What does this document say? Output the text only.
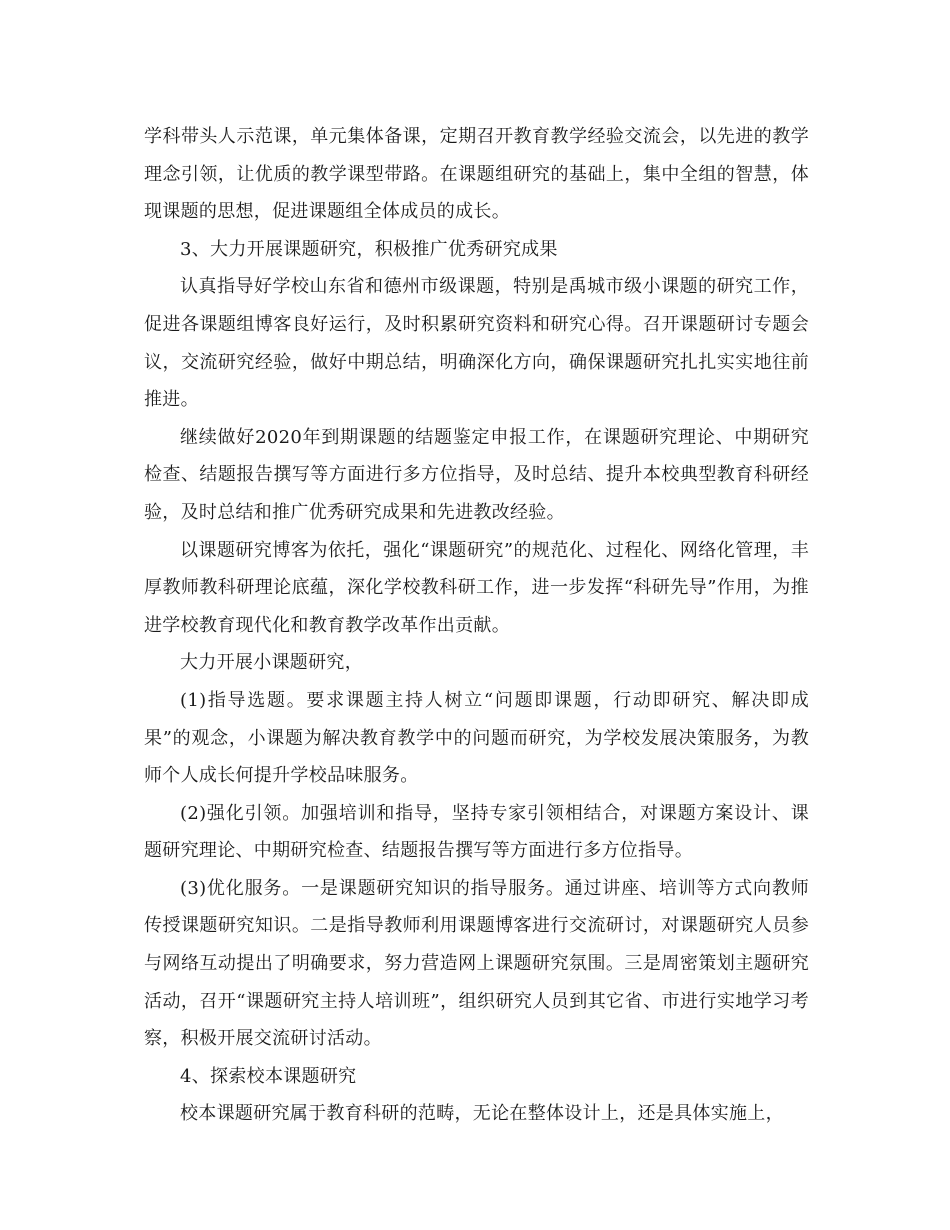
学科带头人示范课，单元集体备课，定期召开教育教学经验交流会，以先进的教学理念引领，让优质的教学课型带路。在课题组研究的基础上，集中全组的智慧，体现课题的思想，促进课题组全体成员的成长。

3、大力开展课题研究，积极推广优秀研究成果

认真指导好学校山东省和德州市级课题，特别是禹城市级小课题的研究工作，促进各课题组博客良好运行，及时积累研究资料和研究心得。召开课题研讨专题会议，交流研究经验，做好中期总结，明确深化方向，确保课题研究扎扎实实地往前推进。

继续做好2020年到期课题的结题鉴定申报工作，在课题研究理论、中期研究检查、结题报告撰写等方面进行多方位指导，及时总结、提升本校典型教育科研经验，及时总结和推广优秀研究成果和先进教改经验。

以课题研究博客为依托，强化“课题研究”的规范化、过程化、网络化管理，丰厚教师教科研理论底蕴，深化学校教科研工作，进一步发挥“科研先导”作用，为推进学校教育现代化和教育教学改革作出贡献。

大力开展小课题研究，

(1)指导选题。要求课题主持人树立“问题即课题，行动即研究、解决即成果”的观念，小课题为解决教育教学中的问题而研究，为学校发展决策服务，为教师个人成长何提升学校品味服务。

(2)强化引领。加强培训和指导，坚持专家引领相结合，对课题方案设计、课题研究理论、中期研究检查、结题报告撰写等方面进行多方位指导。

(3)优化服务。一是课题研究知识的指导服务。通过讲座、培训等方式向教师传授课题研究知识。二是指导教师利用课题博客进行交流研讨，对课题研究人员参与网络互动提出了明确要求，努力营造网上课题研究氛围。三是周密策划主题研究活动，召开“课题研究主持人培训班”，组织研究人员到其它省、市进行实地学习考察，积极开展交流研讨活动。

4、探索校本课题研究

校本课题研究属于教育科研的范畴，无论在整体设计上，还是具体实施上，
